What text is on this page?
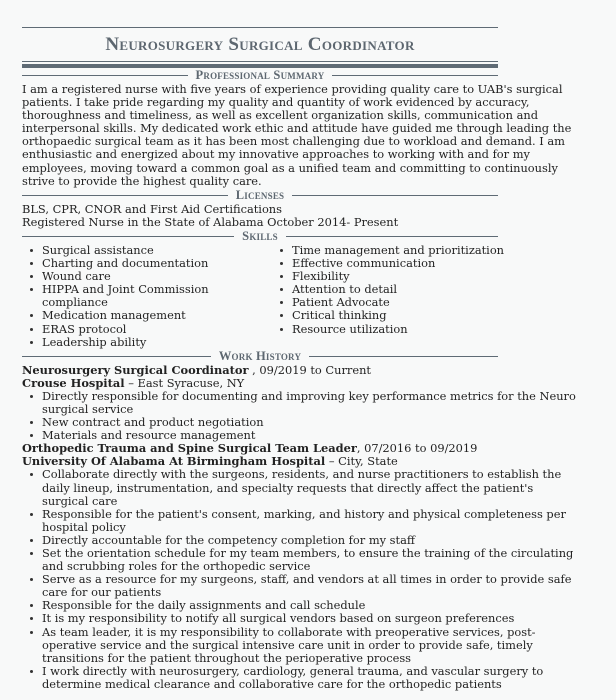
Neurosurgery Surgical Coordinator
Professional Summary

I am a registered nurse with five years of experience providing quality care to UAB's surgical patients. I take pride regarding my quality and quantity of work evidenced by accuracy, thoroughness and timeliness, as well as excellent organization skills, communication and interpersonal skills. My dedicated work ethic and attitude have guided me through leading the orthopaedic surgical team as it has been most challenging due to workload and demand. I am enthusiastic and energized about my innovative approaches to working with and for my employees, moving toward a common goal as a unified team and committing to continuously strive to provide the highest quality care.

Licenses
BLS, CPR, CNOR and First Aid Certifications
Registered Nurse in the State of Alabama October 2014- Present
Skills
Surgical assistance
Charting and documentation
Wound care
HIPPA and Joint Commission compliance
Medication management
ERAS protocol
Leadership ability
Time management and prioritization
Effective communication
Flexibility
Attention to detail
Patient Advocate
Critical thinking
Resource utilization
Work History
Neurosurgery Surgical Coordinator , 09/2019 to Current
Crouse Hospital – East Syracuse, NY
Directly responsible for documenting and improving key performance metrics for the Neuro surgical service
New contract and product negotiation
Materials and resource management
Orthopedic Trauma and Spine Surgical Team Leader, 07/2016 to 09/2019
University Of Alabama At Birmingham Hospital – City, State
Collaborate directly with the surgeons, residents, and nurse practitioners to establish the daily lineup, instrumentation, and specialty requests that directly affect the patient's surgical care
Responsible for the patient's consent, marking, and history and physical completeness per hospital policy
Directly accountable for the competency completion for my staff
Set the orientation schedule for my team members, to ensure the training of the circulating and scrubbing roles for the orthopedic service
Serve as a resource for my surgeons, staff, and vendors at all times in order to provide safe care for our patients
Responsible for the daily assignments and call schedule
It is my responsibility to notify all surgical vendors based on surgeon preferences
As team leader, it is my responsibility to collaborate with preoperative services, post-operative service and the surgical intensive care unit in order to provide safe, timely transitions for the patient throughout the perioperative process
I work directly with neurosurgery, cardiology, general trauma, and vascular surgery to determine medical clearance and collaborative care for the orthopedic patients
